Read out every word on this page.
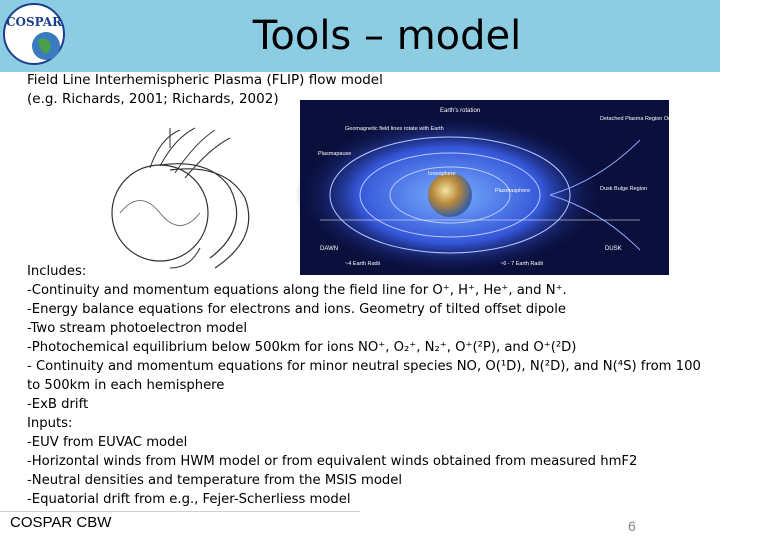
COSPAR	Tools – model
Field Line Interhemispheric Plasma (FLIP) flow model
(e.g. Richards, 2001; Richards, 2002)
Earth's rotation
Geomagnetic field lines rotate with Earth
Plasmapause
Ionosphere
Plasmasphere
Detached Plasma Region Or Plasma Tail
Dusk Bulge Region
DAWN	DUSK
~4 Earth Radii	~6 - 7 Earth Radii
Includes:
-Continuity and momentum equations along the field line for O⁺, H⁺, He⁺, and N⁺.
-Energy balance equations for electrons and ions. Geometry of tilted offset dipole
-Two stream photoelectron model
-Photochemical equilibrium below 500km for ions NO⁺, O₂⁺, N₂⁺, O⁺(²P), and O⁺(²D)
- Continuity and momentum equations for minor neutral species NO, O(¹D), N(²D), and N(⁴S) from 100 to 500km in each hemisphere
-ExB drift
Inputs:
-EUV from EUVAC model
-Horizontal winds from HWM model or from equivalent winds obtained from measured hmF2
-Neutral densities and temperature from the MSIS model
-Equatorial drift from e.g., Fejer-Scherliess model
COSPAR CBW	6
